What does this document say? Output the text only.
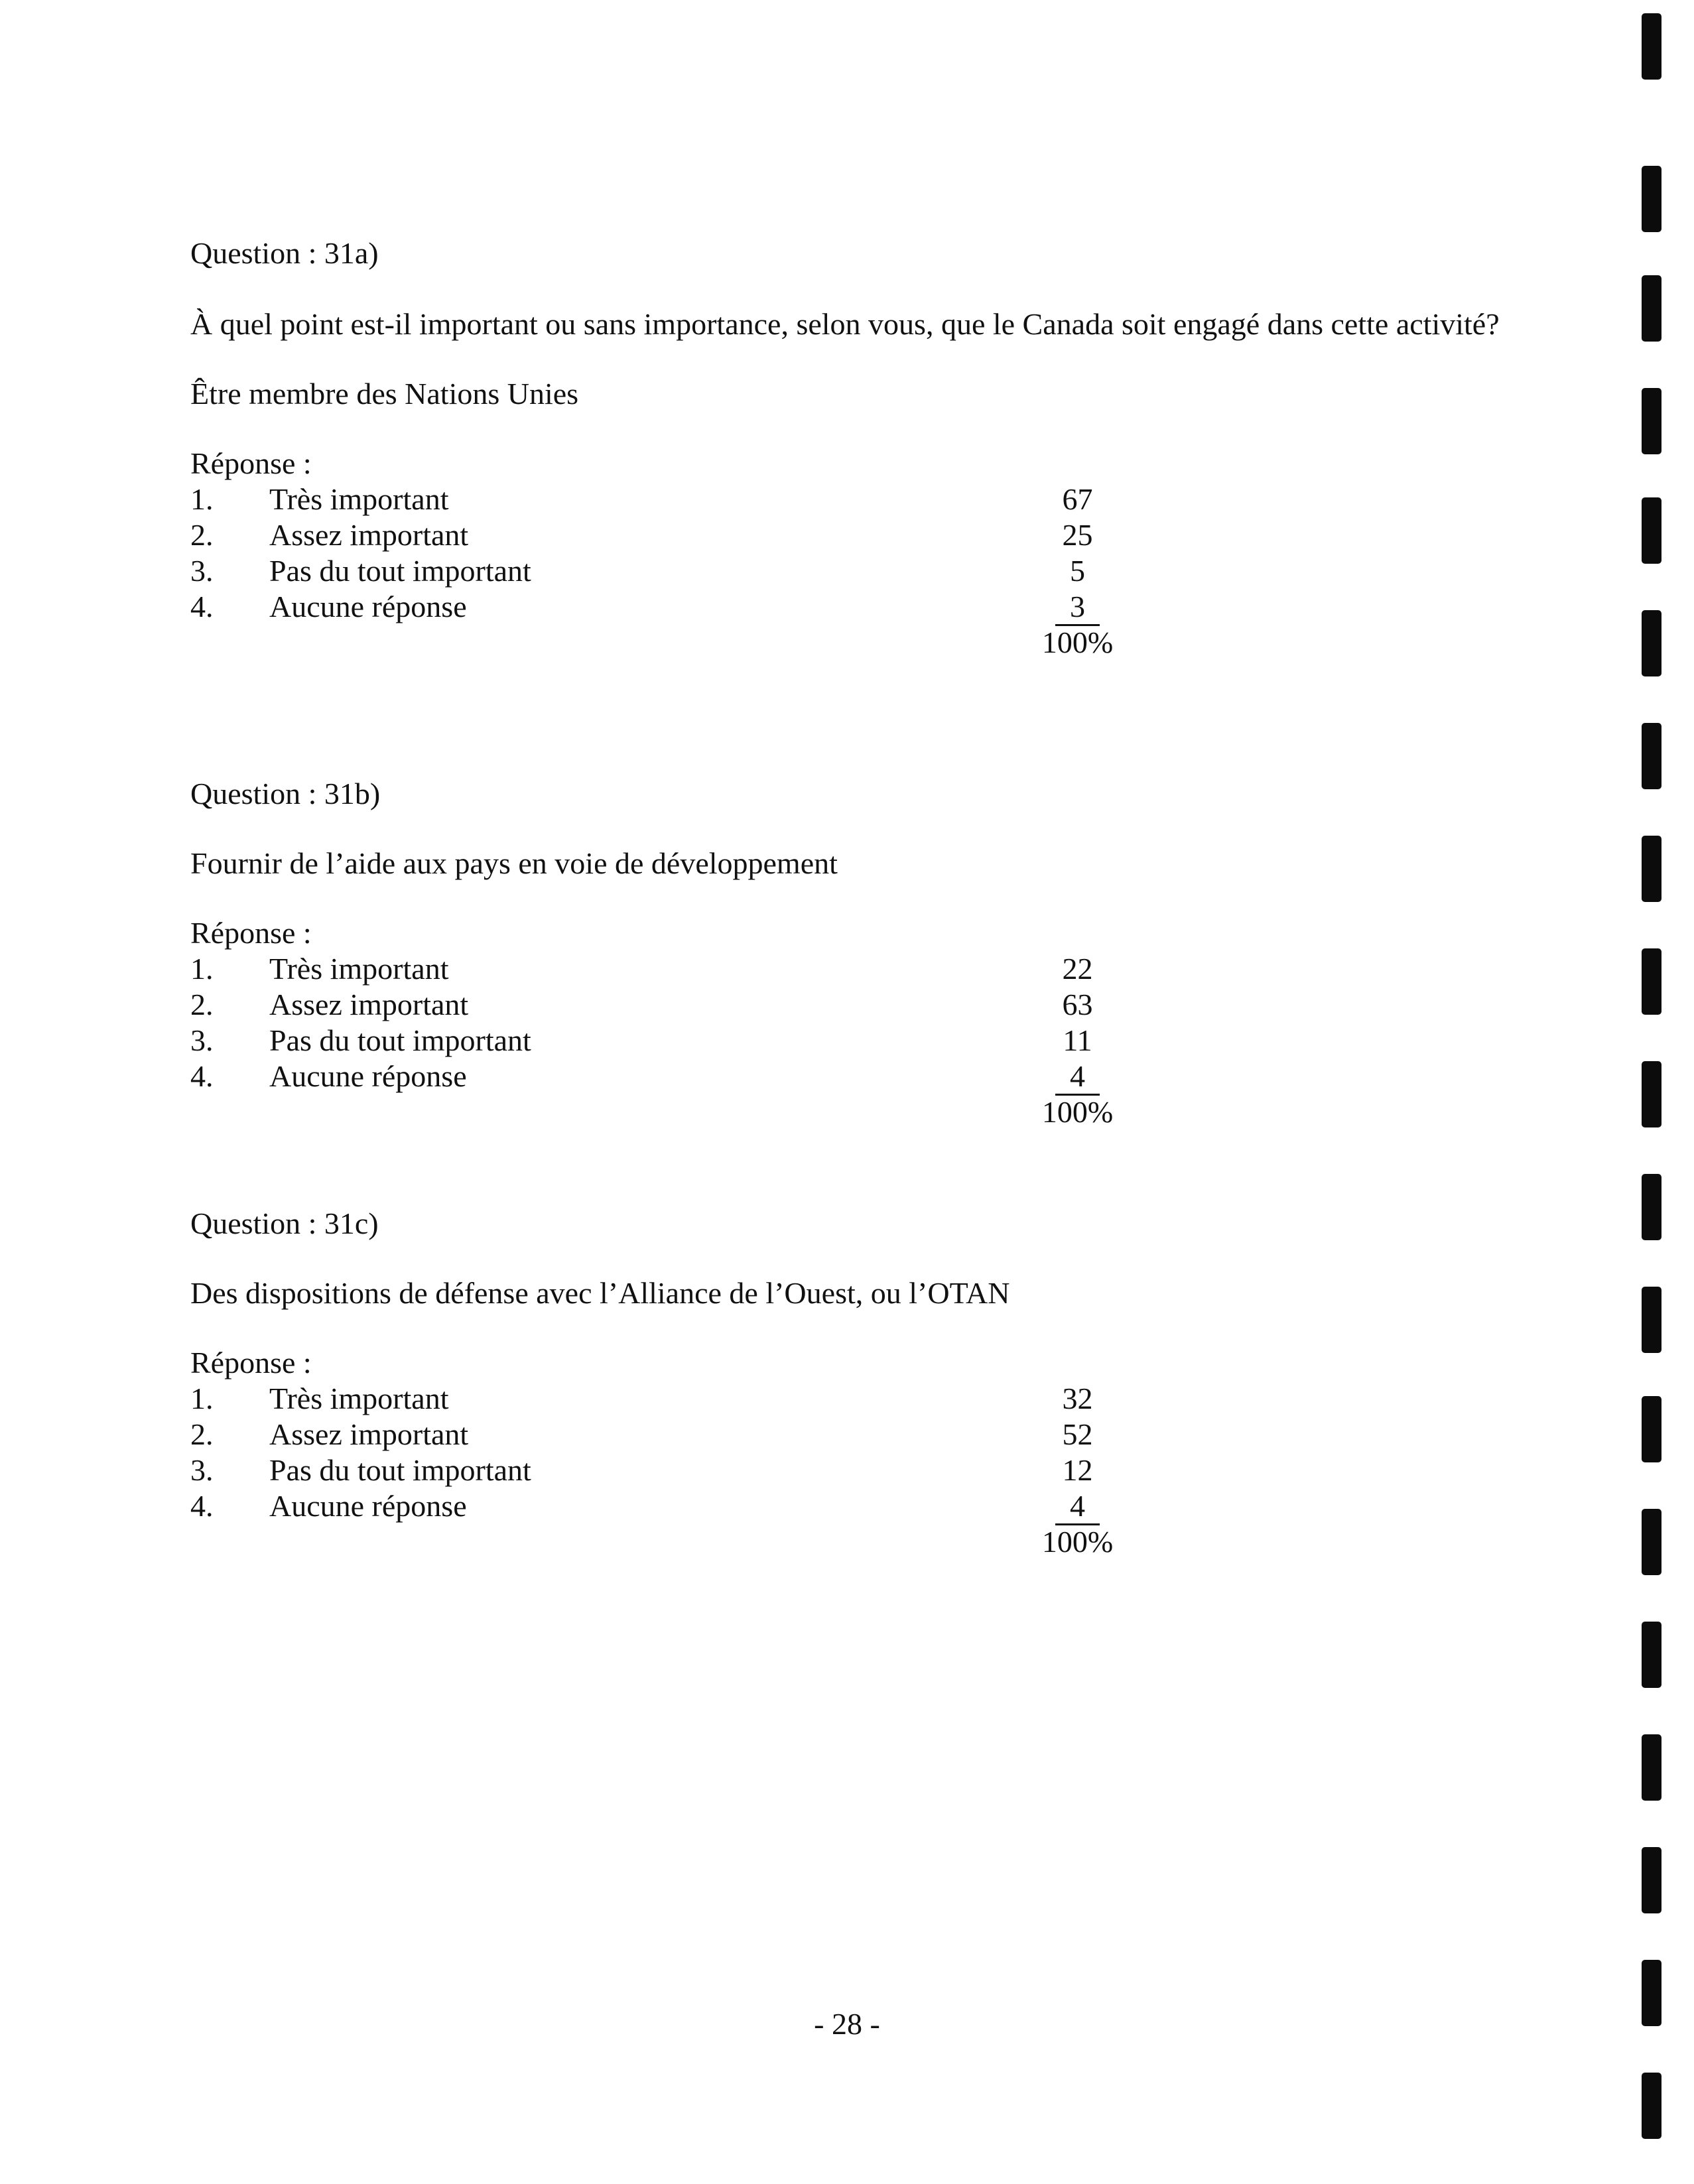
Question : 31a)

À quel point est-il important ou sans importance, selon vous, que le Canada soit engagé dans cette activité?

Être membre des Nations Unies

Réponse :

1. Très important	67
2. Assez important	25
3. Pas du tout important	5
4. Aucune réponse	3
100%

Question : 31b)

Fournir de l’aide aux pays en voie de développement

Réponse :

1. Très important	22
2. Assez important	63
3. Pas du tout important	11
4. Aucune réponse	4
100%

Question : 31c)

Des dispositions de défense avec l’Alliance de l’Ouest, ou l’OTAN

Réponse :

1. Très important	32
2. Assez important	52
3. Pas du tout important	12
4. Aucune réponse	4
100%
- 28 -
